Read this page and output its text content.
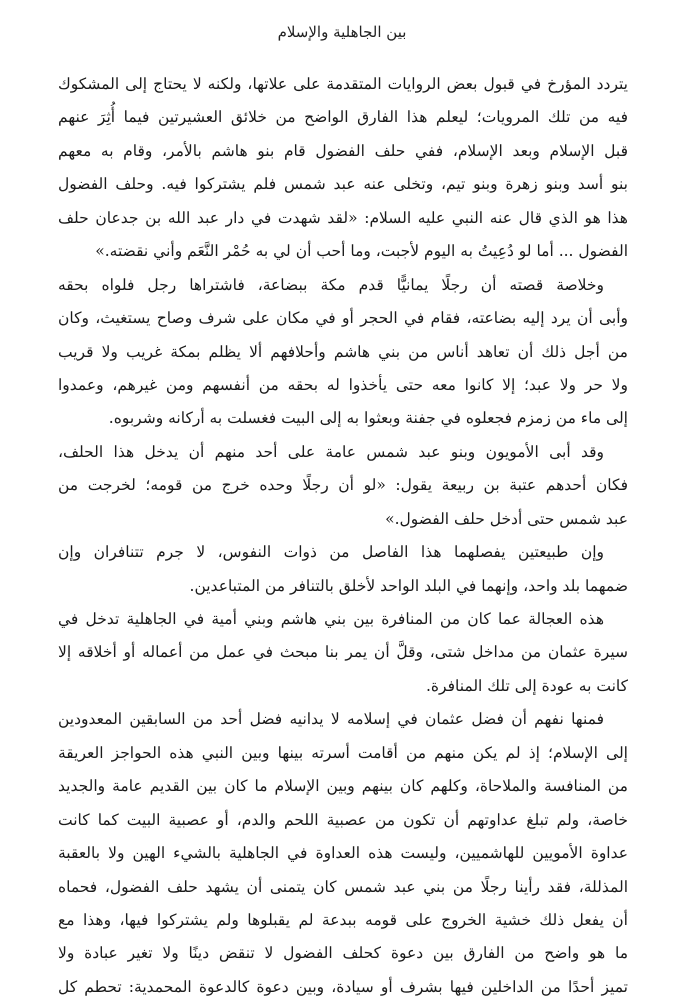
بين الجاهلية والإسلام
يتردد المؤرخ في قبول بعض الروايات المتقدمة على علاتها، ولكنه لا يحتاج إلى المشكوك
فيه من تلك المرويات؛ ليعلم هذا الفارق الواضح من خلائق العشيرتين فيما أُثِرَ عنهم
قبل الإسلام وبعد الإسلام، ففي حلف الفضول قام بنو هاشم بالأمر، وقام به معهم
بنو أسد وبنو زهرة وبنو تيم، وتخلى عنه عبد شمس فلم يشتركوا فيه. وحلف الفضول
هذا هو الذي قال عنه النبي عليه السلام: «لقد شهدت في دار عبد الله بن جدعان حلف
الفضول ... أما لو دُعِيتُ به اليوم لأجبت، وما أحب أن لي به حُمْر النَّعَم وأني نقضته.»
وخلاصة قصته أن رجلًا يمانيًّا قدم مكة ببضاعة، فاشتراها رجل فلواه بحقه
وأبى أن يرد إليه بضاعته، فقام في الحجر أو في مكان على شرف وصاح يستغيث، وكان
من أجل ذلك أن تعاهد أناس من بني هاشم وأحلافهم ألا يظلم بمكة غريب ولا قريب
ولا حر ولا عبد؛ إلا كانوا معه حتى يأخذوا له بحقه من أنفسهم ومن غيرهم، وعمدوا
إلى ماء من زمزم فجعلوه في جفنة وبعثوا به إلى البيت فغسلت به أركانه وشربوه.
وقد أبى الأمويون وبنو عبد شمس عامة على أحد منهم أن يدخل هذا الحلف،
فكان أحدهم عتبة بن ربيعة يقول: «لو أن رجلًا وحده خرج من قومه؛ لخرجت من
عبد شمس حتى أدخل حلف الفضول.»
وإن طبيعتين يفصلهما هذا الفاصل من ذوات النفوس، لا جرم تتنافران وإن
ضمهما بلد واحد، وإنهما في البلد الواحد لأخلق بالتنافر من المتباعدين.
هذه العجالة عما كان من المنافرة بين بني هاشم وبني أمية في الجاهلية تدخل في
سيرة عثمان من مداخل شتى، وقلَّ أن يمر بنا مبحث في عمل من أعماله أو أخلاقه إلا
كانت به عودة إلى تلك المنافرة.
فمنها نفهم أن فضل عثمان في إسلامه لا يدانيه فضل أحد من السابقين المعدودين
إلى الإسلام؛ إذ لم يكن منهم من أقامت أسرته بينها وبين النبي هذه الحواجز العريقة
من المنافسة والملاحاة، وكلهم كان بينهم وبين الإسلام ما كان بين القديم عامة والجديد
خاصة، ولم تبلغ عداوتهم أن تكون من عصبية اللحم والدم، أو عصبية البيت كما كانت
عداوة الأمويين للهاشميين، وليست هذه العداوة في الجاهلية بالشيء الهين ولا بالعقبة
المذللة، فقد رأينا رجلًا من بني عبد شمس كان يتمنى أن يشهد حلف الفضول، فحماه
أن يفعل ذلك خشية الخروج على قومه ببدعة لم يقبلوها ولم يشتركوا فيها، وهذا مع
ما هو واضح من الفارق بين دعوة كحلف الفضول لا تنقض دينًا ولا تغير عبادة ولا
تميز أحدًا من الداخلين فيها بشرف أو سيادة، وبين دعوة كالدعوة المحمدية: تحطم كل
